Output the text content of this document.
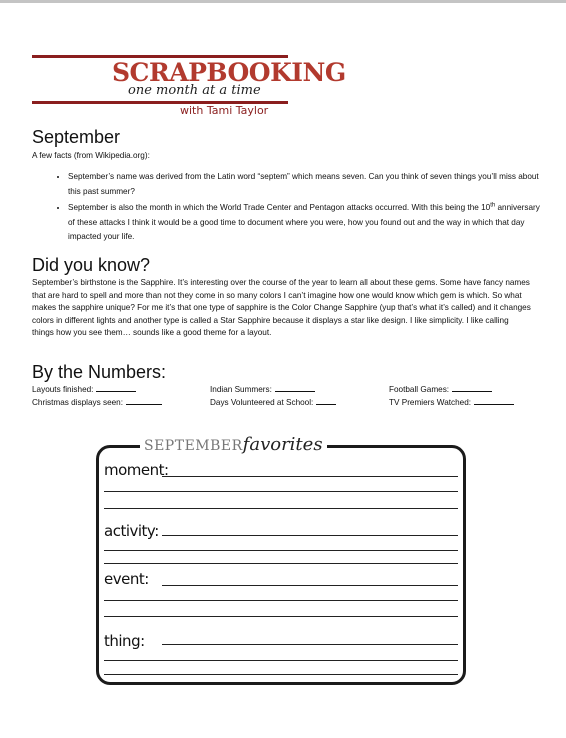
SCRAPBOOKING
one month at a time
with Tami Taylor
September
A few facts (from Wikipedia.org):
• September’s name was derived from the Latin word “septem” which means seven. Can you think of seven things you’ll miss about this past summer?
• September is also the month in which the World Trade Center and Pentagon attacks occurred. With this being the 10th anniversary of these attacks I think it would be a good time to document where you were, how you found out and the way in which that day impacted your life.
Did you know?
September’s birthstone is the Sapphire. It’s interesting over the course of the year to learn all about these gems. Some have fancy names that are hard to spell and more than not they come in so many colors I can’t imagine how one would know which gem is which. So what makes the sapphire unique? For me it’s that one type of sapphire is the Color Change Sapphire (yup that’s what it’s called) and it changes colors in different lights and another type is called a Star Sapphire because it displays a star like design. I like simplicity. I like calling things how you see them… sounds like a good theme for a layout.
By the Numbers:
Layouts finished:	Indian Summers:	Football Games:
Christmas displays seen:	Days Volunteered at School:	TV Premiers Watched:
SEPTEMBERfavorites
moment:
activity:
event:
thing:
